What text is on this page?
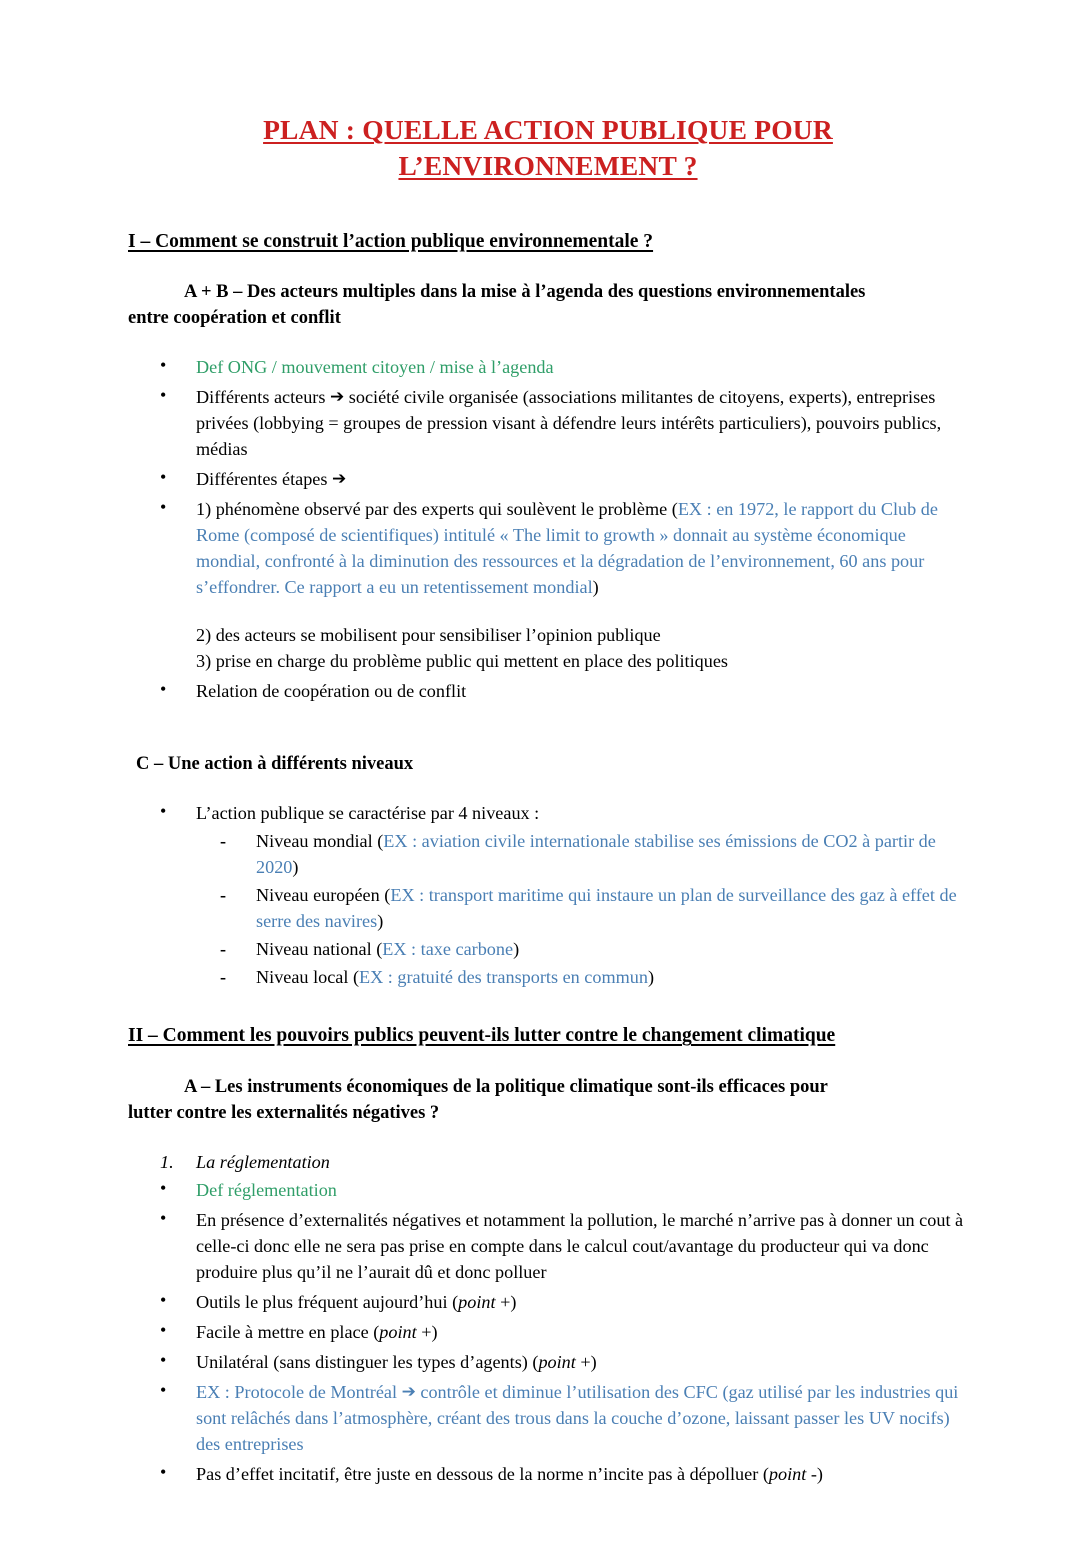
PLAN : QUELLE ACTION PUBLIQUE POUR
L’ENVIRONNEMENT ?
I – Comment se construit l’action publique environnementale ?
A + B – Des acteurs multiples dans la mise à l’agenda des questions environnementales
entre coopération et conflit
• Def ONG / mouvement citoyen / mise à l’agenda
• Différents acteurs ➔ société civile organisée (associations militantes de citoyens, experts), entreprises privées (lobbying = groupes de pression visant à défendre leurs intérêts particuliers), pouvoirs publics, médias
• Différentes étapes ➔
• 1) phénomène observé par des experts qui soulèvent le problème (EX : en 1972, le rapport du Club de Rome (composé de scientifiques) intitulé « The limit to growth » donnait au système économique mondial, confronté à la diminution des ressources et la dégradation de l’environnement, 60 ans pour s’effondrer. Ce rapport a eu un retentissement mondial)
2) des acteurs se mobilisent pour sensibiliser l’opinion publique
3) prise en charge du problème public qui mettent en place des politiques
• Relation de coopération ou de conflit
C – Une action à différents niveaux
• L’action publique se caractérise par 4 niveaux :
- Niveau mondial (EX : aviation civile internationale stabilise ses émissions de CO2 à partir de 2020)
- Niveau européen (EX : transport maritime qui instaure un plan de surveillance des gaz à effet de serre des navires)
- Niveau national (EX : taxe carbone)
- Niveau local (EX : gratuité des transports en commun)
II – Comment les pouvoirs publics peuvent-ils lutter contre le changement climatique
A – Les instruments économiques de la politique climatique sont-ils efficaces pour
lutter contre les externalités négatives ?
1. La réglementation
• Def réglementation
• En présence d’externalités négatives et notamment la pollution, le marché n’arrive pas à donner un cout à celle-ci donc elle ne sera pas prise en compte dans le calcul cout/avantage du producteur qui va donc produire plus qu’il ne l’aurait dû et donc polluer
• Outils le plus fréquent aujourd’hui (point +)
• Facile à mettre en place (point +)
• Unilatéral (sans distinguer les types d’agents) (point +)
• EX : Protocole de Montréal ➔ contrôle et diminue l’utilisation des CFC (gaz utilisé par les industries qui sont relâchés dans l’atmosphère, créant des trous dans la couche d’ozone, laissant passer les UV nocifs) des entreprises
• Pas d’effet incitatif, être juste en dessous de la norme n’incite pas à dépolluer (point -)
